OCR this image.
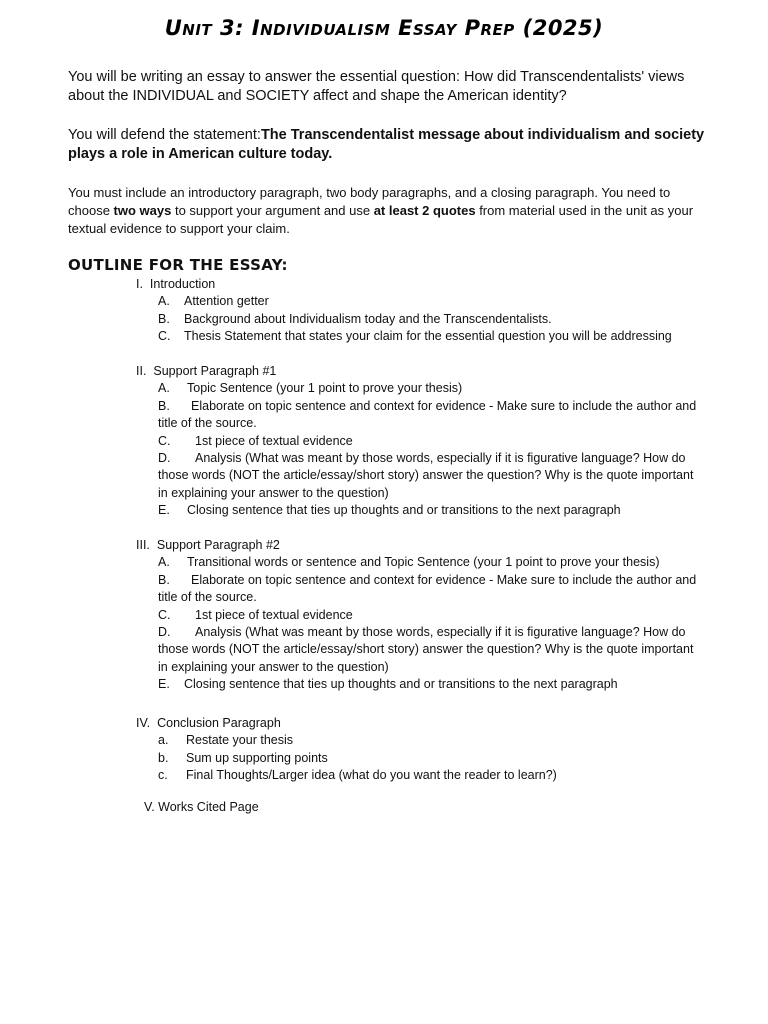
Unit 3: Individualism Essay Prep (2025)

You will be writing an essay to answer the essential question: How did Transcendentalists' views about the INDIVIDUAL and SOCIETY affect and shape the American identity?

You will defend the statement:The Transcendentalist message about individualism and society plays a role in American culture today.

You must include an introductory paragraph, two body paragraphs, and a closing paragraph. You need to choose two ways to support your argument and use at least 2 quotes from material used in the unit as your textual evidence to support your claim.

OUTLINE FOR THE ESSAY:
I. Introduction
A. Attention getter
B. Background about Individualism today and the Transcendentalists.
C. Thesis Statement that states your claim for the essential question you will be addressing
II. Support Paragraph #1
A. Topic Sentence (your 1 point to prove your thesis)
B. Elaborate on topic sentence and context for evidence - Make sure to include the author and title of the source.
C. 1st piece of textual evidence
D. Analysis (What was meant by those words, especially if it is figurative language? How do those words (NOT the article/essay/short story) answer the question? Why is the quote important in explaining your answer to the question)
E. Closing sentence that ties up thoughts and or transitions to the next paragraph
III. Support Paragraph #2
A. Transitional words or sentence and Topic Sentence (your 1 point to prove your thesis)
B. Elaborate on topic sentence and context for evidence - Make sure to include the author and title of the source.
C. 1st piece of textual evidence
D. Analysis (What was meant by those words, especially if it is figurative language? How do those words (NOT the article/essay/short story) answer the question? Why is the quote important in explaining your answer to the question)
E. Closing sentence that ties up thoughts and or transitions to the next paragraph
IV. Conclusion Paragraph
a. Restate your thesis
b. Sum up supporting points
c. Final Thoughts/Larger idea (what do you want the reader to learn?)
V. Works Cited Page
